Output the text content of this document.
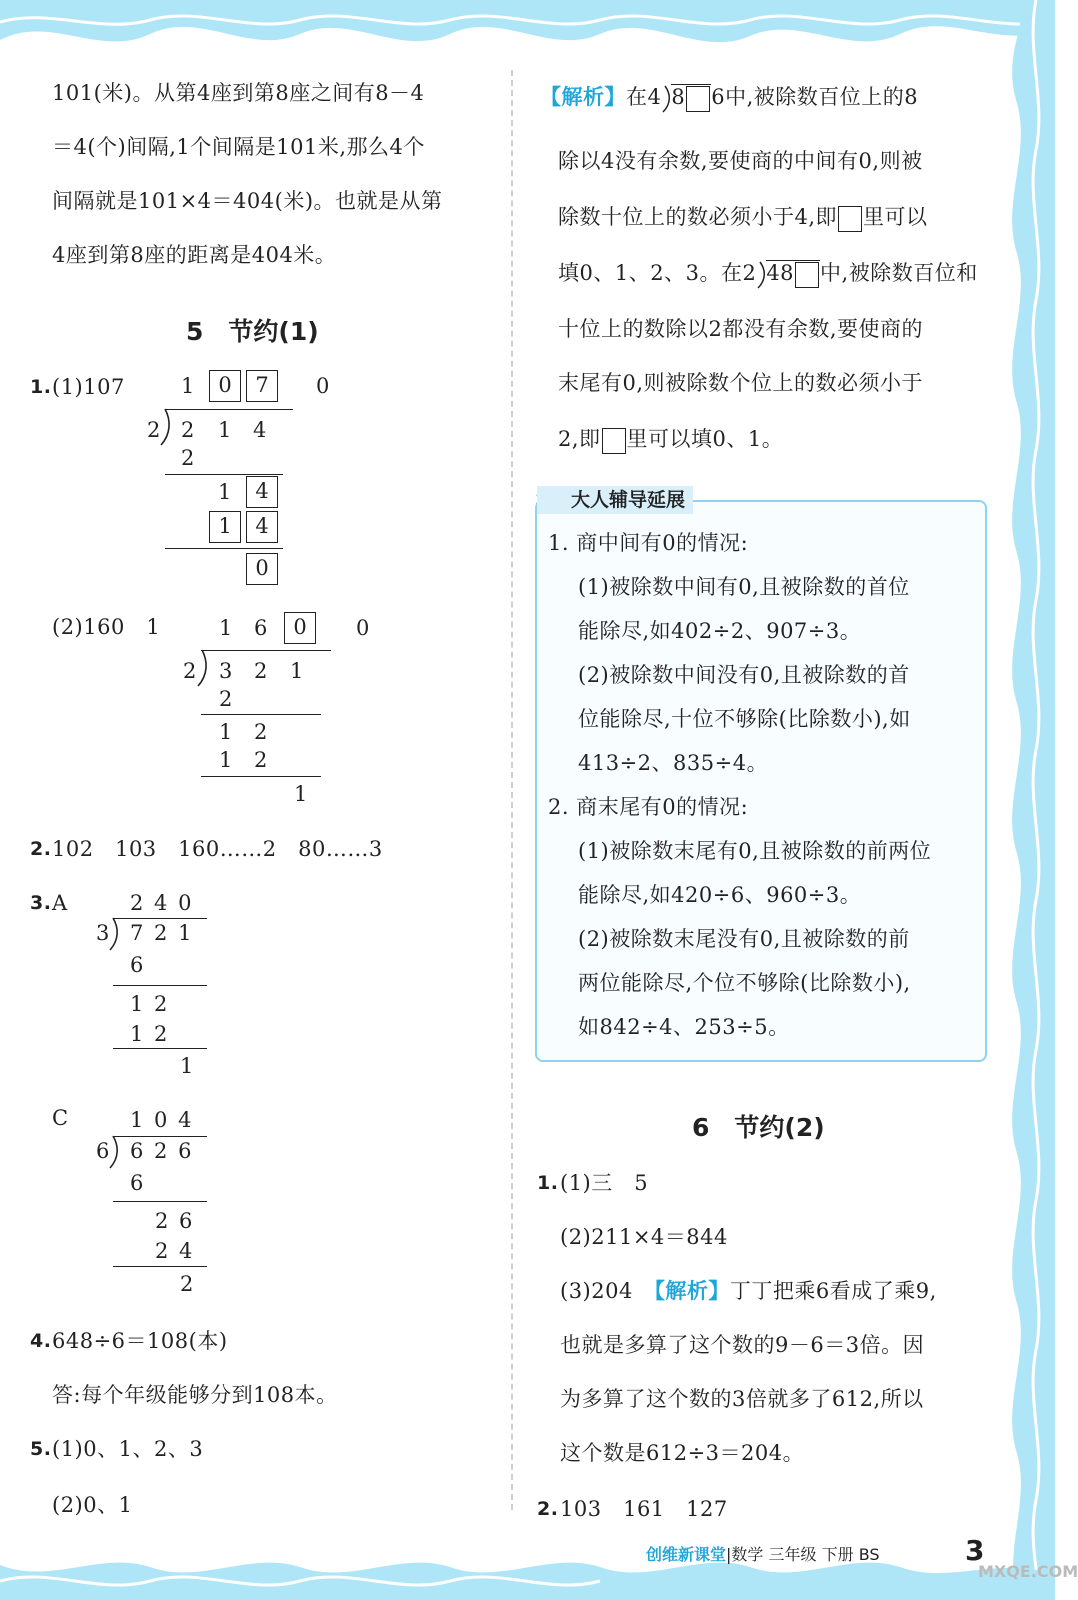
101(米)。从第4座到第8座之间有8－4
＝4(个)间隔,1个间隔是101米,那么4个
间隔就是101×4＝404(米)。也就是从第
4座到第8座的距离是404米。
5　节约(1)
1. (1)107	1	0	7	0
2 2 1 4
2
1	4
1	4
0
(2)160　1	1 6	0	0
2 3 2 1
2
1 2
1 2
1
2. 102　103　160……2　80……3
3. A	2 4 0
3 7 2 1
6
1 2
1 2
1
C	1 0 4
6 6 2 6
6
2 6
2 4
2
4. 648÷6＝108(本)
答:每个年级能够分到108本。
5. (1)0、1、2、3
(2)0、1
【解析】在4 8 6中,被除数百位上的8
除以4没有余数,要使商的中间有0,则被
除数十位上的数必须小于4,即 里可以
填0、1、2、3。在2 48 中,被除数百位和
十位上的数除以2都没有余数,要使商的
末尾有0,则被除数个位上的数必须小于
2,即 里可以填0、1。
大人辅导延展
1. 商中间有0的情况:
(1)被除数中间有0,且被除数的首位
能除尽,如402÷2、907÷3。
(2)被除数中间没有0,且被除数的首
位能除尽,十位不够除(比除数小),如
413÷2、835÷4。
2. 商末尾有0的情况:
(1)被除数末尾有0,且被除数的前两位
能除尽,如420÷6、960÷3。
(2)被除数末尾没有0,且被除数的前
两位能除尽,个位不够除(比除数小),
如842÷4、253÷5。
6　节约(2)
1. (1)三　5
(2)211×4＝844
(3)204　 【解析】丁丁把乘6看成了乘9,
也就是多算了这个数的9－6＝3倍。因
为多算了这个数的3倍就多了612,所以
这个数是612÷3＝204。
2. 103　161　127
创维新课堂|数学 三年级 下册 BS	3
MXQE.COM
